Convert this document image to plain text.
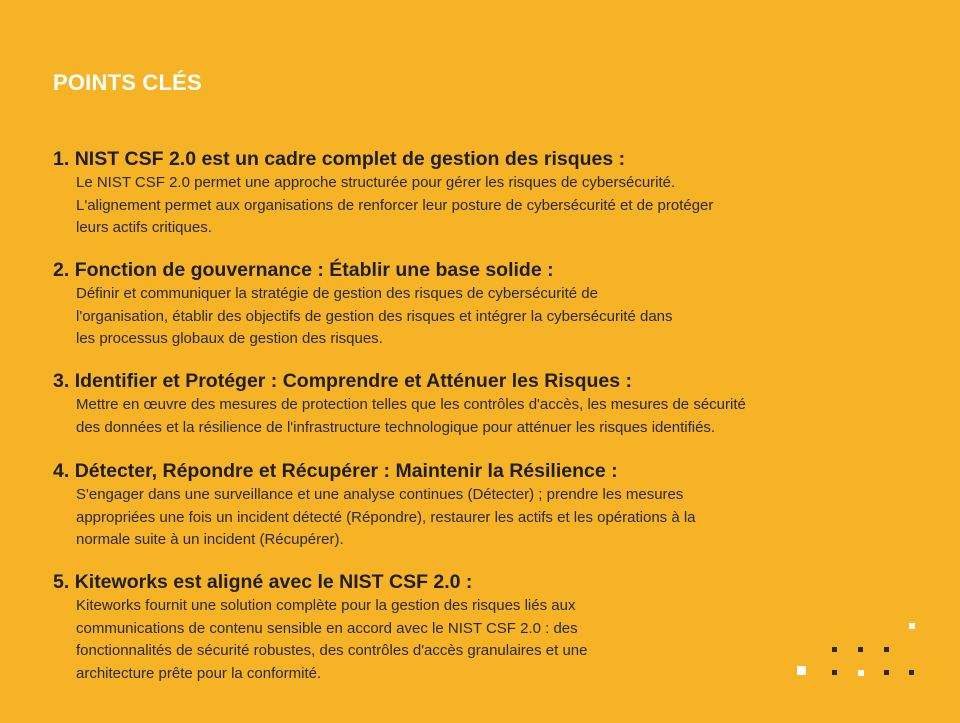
POINTS CLÉS
1. NIST CSF 2.0 est un cadre complet de gestion des risques :
Le NIST CSF 2.0 permet une approche structurée pour gérer les risques de cybersécurité.
L'alignement permet aux organisations de renforcer leur posture de cybersécurité et de protéger
leurs actifs critiques.
2. Fonction de gouvernance : Établir une base solide :
Définir et communiquer la stratégie de gestion des risques de cybersécurité de
l'organisation, établir des objectifs de gestion des risques et intégrer la cybersécurité dans
les processus globaux de gestion des risques.
3. Identifier et Protéger : Comprendre et Atténuer les Risques :
Mettre en œuvre des mesures de protection telles que les contrôles d'accès, les mesures de sécurité
des données et la résilience de l'infrastructure technologique pour atténuer les risques identifiés.
4. Détecter, Répondre et Récupérer : Maintenir la Résilience :
S'engager dans une surveillance et une analyse continues (Détecter) ; prendre les mesures
appropriées une fois un incident détecté (Répondre), restaurer les actifs et les opérations à la
normale suite à un incident (Récupérer).
5. Kiteworks est aligné avec le NIST CSF 2.0 :
Kiteworks fournit une solution complète pour la gestion des risques liés aux
communications de contenu sensible en accord avec le NIST CSF 2.0 : des
fonctionnalités de sécurité robustes, des contrôles d'accès granulaires et une
architecture prête pour la conformité.
